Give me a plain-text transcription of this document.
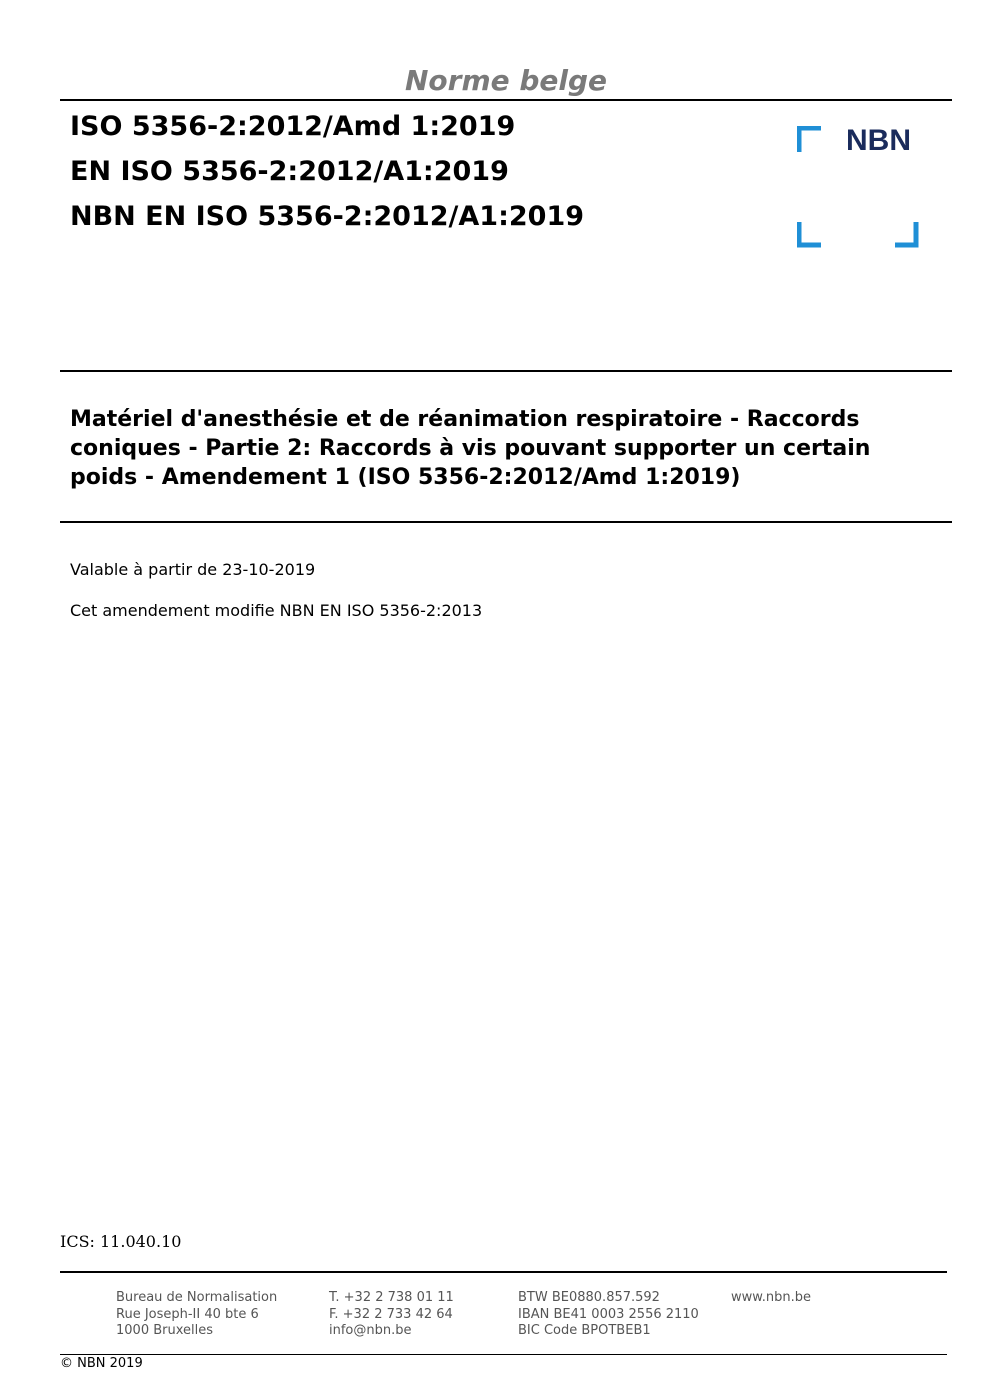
Norme belge
ISO 5356-2:2012/Amd 1:2019
EN ISO 5356-2:2012/A1:2019
NBN EN ISO 5356-2:2012/A1:2019
NBN
Matériel d'anesthésie et de réanimation respiratoire - Raccords coniques - Partie 2: Raccords à vis pouvant supporter un certain poids - Amendement 1 (ISO 5356-2:2012/Amd 1:2019)
Valable à partir de 23-10-2019
Cet amendement modifie NBN EN ISO 5356-2:2013
ICS: 11.040.10
Bureau de Normalisation
Rue Joseph-II 40 bte 6
1000 Bruxelles
T. +32 2 738 01 11
F. +32 2 733 42 64
info@nbn.be
BTW BE0880.857.592
IBAN BE41 0003 2556 2110
BIC Code BPOTBEB1
www.nbn.be
© NBN 2019
